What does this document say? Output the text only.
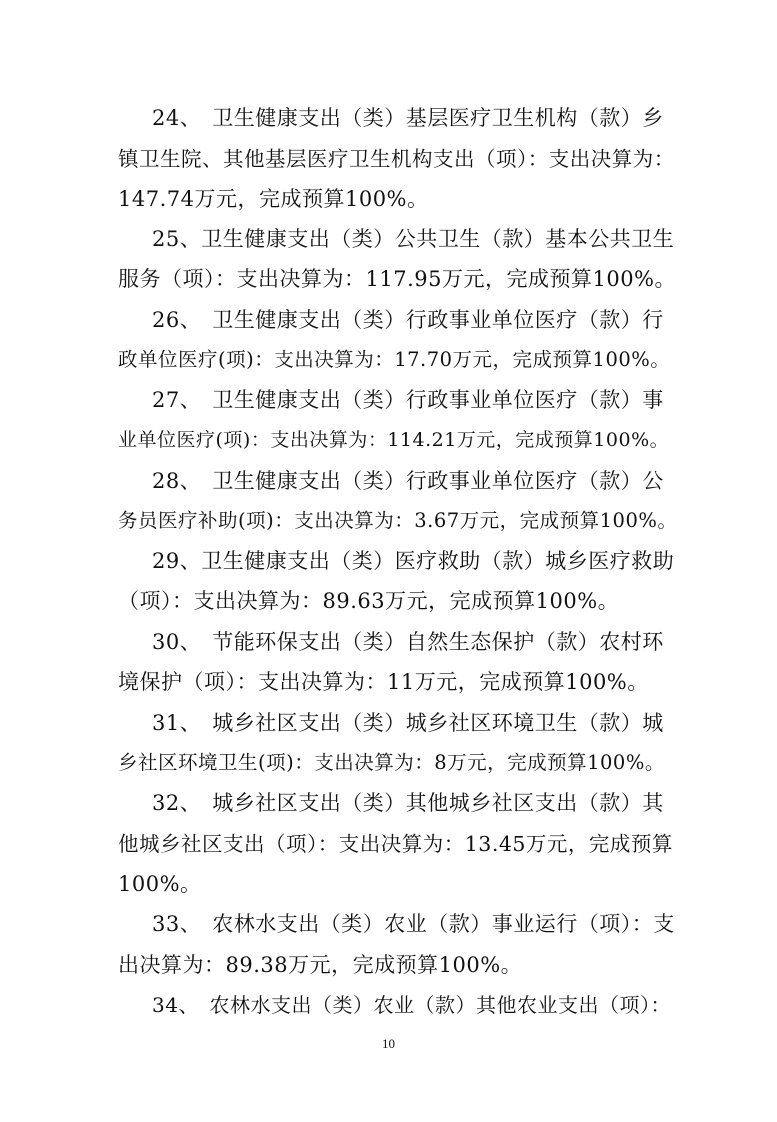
24、　卫生健康支出（类）基层医疗卫生机构（款）乡
镇卫生院、其他基层医疗卫生机构支出（项）：支出决算为：
147.74万元，完成预算100%。
25、卫生健康支出（类）公共卫生（款）基本公共卫生
服务（项）：支出决算为：117.95万元，完成预算100%。
26、　卫生健康支出（类）行政事业单位医疗（款）行
政单位医疗(项)：支出决算为：17.70万元，完成预算100%。
27、　卫生健康支出（类）行政事业单位医疗（款）事
业单位医疗(项)：支出决算为：114.21万元，完成预算100%。
28、　卫生健康支出（类）行政事业单位医疗（款）公
务员医疗补助(项)：支出决算为：3.67万元，完成预算100%。
29、卫生健康支出（类）医疗救助（款）城乡医疗救助
（项）：支出决算为：89.63万元，完成预算100%。
30、　节能环保支出（类）自然生态保护（款）农村环
境保护（项）：支出决算为：11万元，完成预算100%。
31、　城乡社区支出（类）城乡社区环境卫生（款）城
乡社区环境卫生(项)：支出决算为：8万元，完成预算100%。
32、　城乡社区支出（类）其他城乡社区支出（款）其
他城乡社区支出（项）：支出决算为：13.45万元，完成预算
100%。
33、　农林水支出（类）农业（款）事业运行（项）：支
出决算为：89.38万元，完成预算100%。
34、　农林水支出（类）农业（款）其他农业支出（项）：
10
